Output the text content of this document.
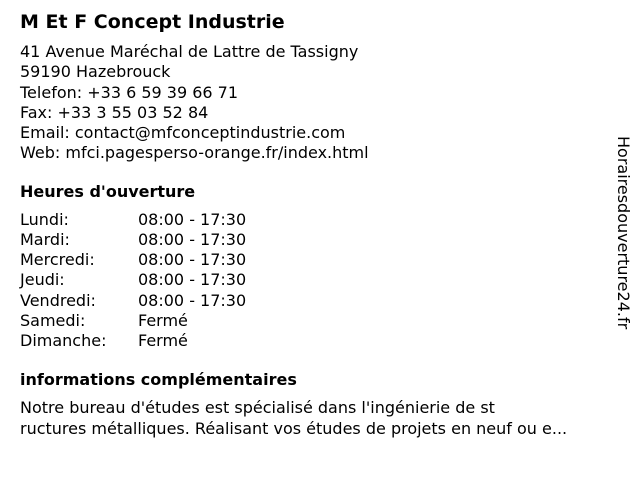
M Et F Concept Industrie
41 Avenue Maréchal de Lattre de Tassigny
59190 Hazebrouck
Telefon: +33 6 59 39 66 71
Fax: +33 3 55 03 52 84
Email: contact@mfconceptindustrie.com
Web: mfci.pagesperso-orange.fr/index.html
Heures d'ouverture
Lundi:	08:00 - 17:30
Mardi:	08:00 - 17:30
Mercredi:	08:00 - 17:30
Jeudi:	08:00 - 17:30
Vendredi:	08:00 - 17:30
Samedi:	Fermé
Dimanche:	Fermé
informations complémentaires
Notre bureau d'études est spécialisé dans l'ingénierie de st
ructures métalliques. Réalisant vos études de projets en neuf ou e...
Horairesdouverture24.fr
